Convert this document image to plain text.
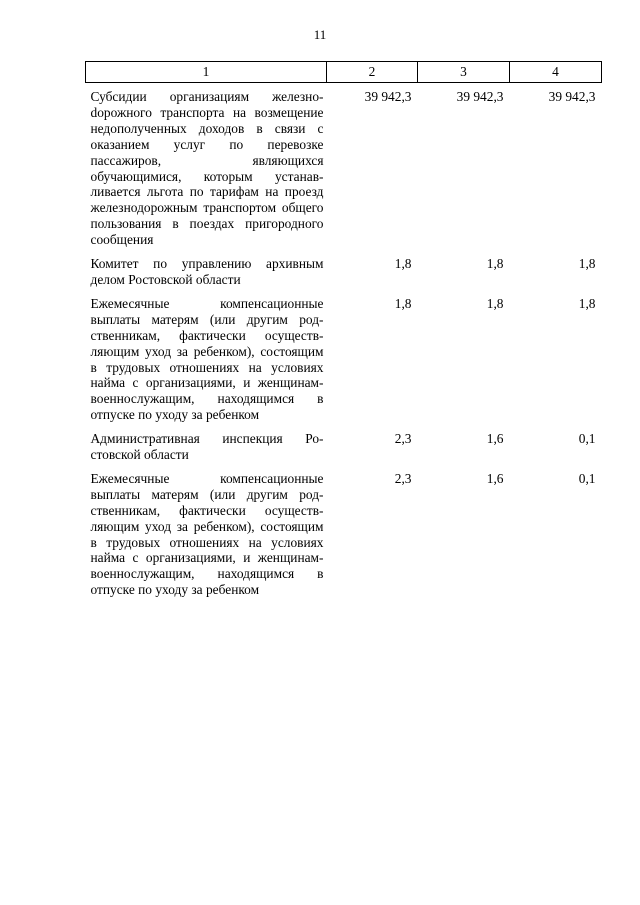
11
1	2	3	4
Субсидии организациям железноdорожного транспорта на возмещение недополученных доходов в связи с оказанием услуг по перевозке пассажиров, являющихся обучающимися, которым устанавливается льгота по тарифам на проезд железнодорожным транспортом общего пользования в поездах пригородного сообщения	39 942,3	39 942,3	39 942,3
Комитет по управлению архивным делом Ростовской области	1,8	1,8	1,8
Ежемесячные компенсационные выплаты матерям (или другим родственникам, фактически осуществляющим уход за ребенком), состоящим в трудовых отношениях на условиях найма с организациями, и женщинам-военнослужащим, находящимся в отпуске по уходу за ребенком	1,8	1,8	1,8
Административная инспекция Ростовской области	2,3	1,6	0,1
Ежемесячные компенсационные выплаты матерям (или другим родственникам, фактически осуществляющим уход за ребенком), состоящим в трудовых отношениях на условиях найма с организациями, и женщинам-военнослужащим, находящимся в отпуске по уходу за ребенком	2,3	1,6	0,1
